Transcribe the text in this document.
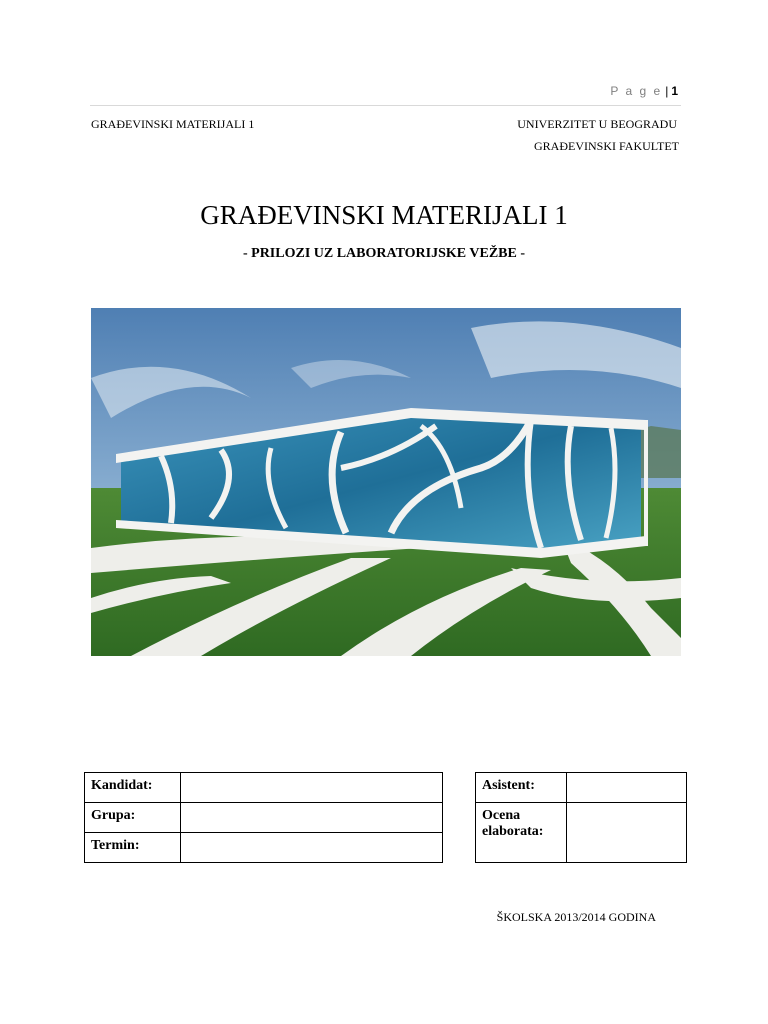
P a g e | 1
GRAĐEVINSKI MATERIJALI 1	UNIVERZITET U BEOGRADU
GRAĐEVINSKI FAKULTET
GRAĐEVINSKI MATERIJALI 1
- PRILOZI UZ LABORATORIJSKE VEŽBE -
Kandidat:	
Grupa:	
Termin:	
Asistent:	
Ocena elaborata:	
ŠKOLSKA 2013/2014 GODINA
